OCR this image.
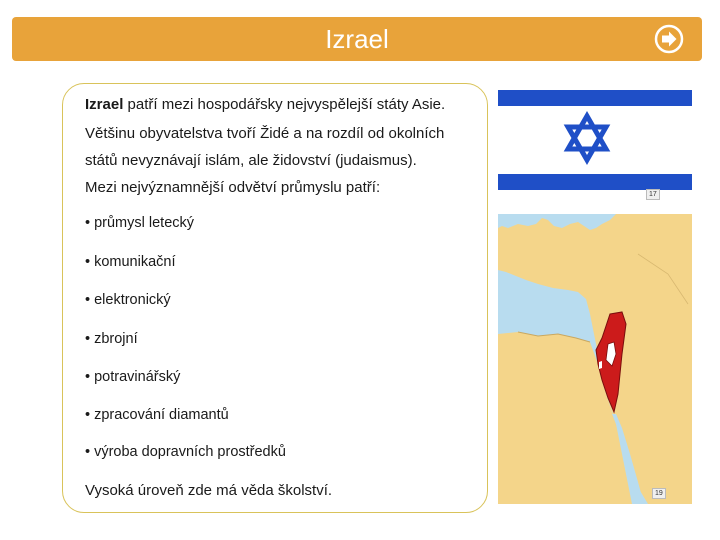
Izrael
Izrael patří mezi hospodářsky nejvyspělejší státy Asie.
Většinu obyvatelstva tvoří Židé a na rozdíl od okolních
států nevyznávají islám, ale židovství (judaismus).
Mezi nejvýznamnější odvětví průmyslu patří:
• průmysl letecký
• komunikační
• elektronický
• zbrojní
• potravinářský
• zpracování diamantů
• výroba dopravních prostředků
Vysoká úroveň zde má věda školství.
17
19
